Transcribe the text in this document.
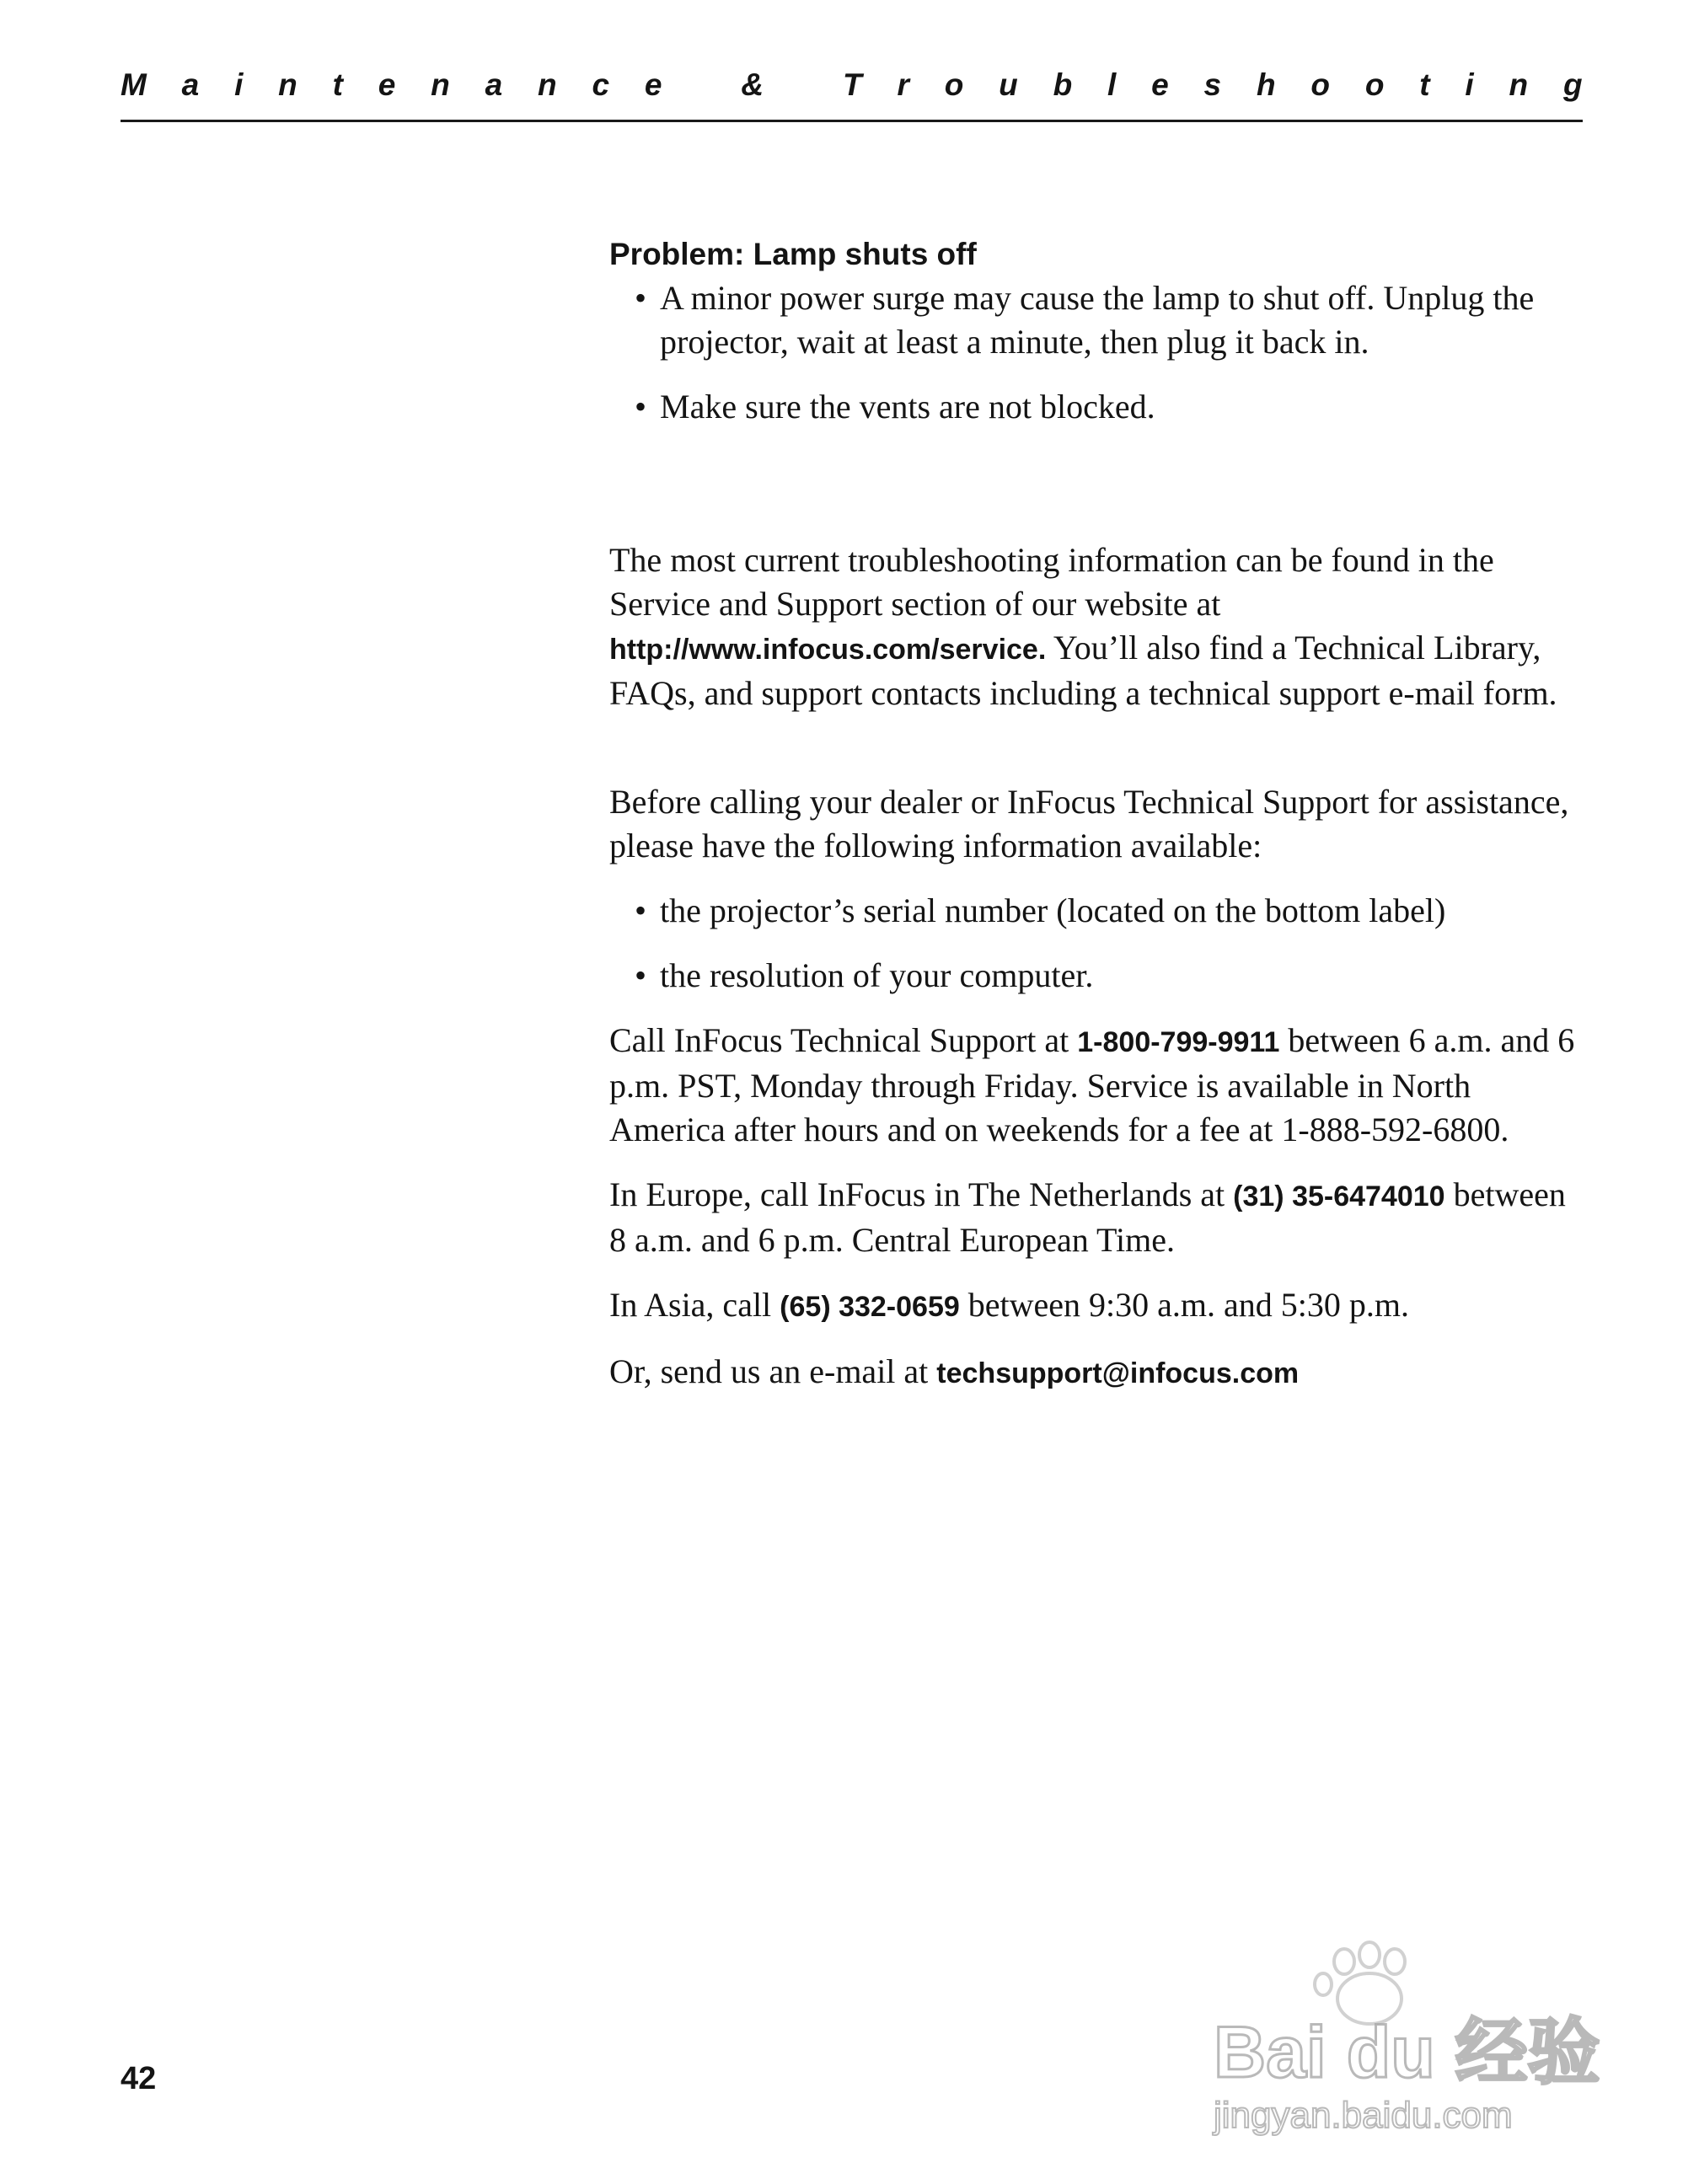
M a i n t e n a n c e
	&
	T r o u b l e s h o o t i n g

Problem: Lamp shuts off

• A minor power surge may cause the lamp to shut off. Unplug the projector, wait at least a minute, then plug it back in.

• Make sure the vents are not blocked.

The most current troubleshooting information can be found in the Service and Support section of our website at http://www.infocus.com/service. You’ll also find a Technical Library, FAQs, and support contacts including a technical support e-mail form.

Before calling your dealer or InFocus Technical Support for assistance, please have the following information available:

• the projector’s serial number (located on the bottom label)

• the resolution of your computer.

Call InFocus Technical Support at 1-800-799-9911 between 6 a.m. and 6 p.m. PST, Monday through Friday. Service is available in North America after hours and on weekends for a fee at 1-888-592-6800.

In Europe, call InFocus in The Netherlands at (31) 35-6474010 between 8 a.m. and 6 p.m. Central European Time.

In Asia, call (65) 332-0659 between 9:30 a.m. and 5:30 p.m.

Or, send us an e-mail at techsupport@infocus.com

42	Bai du 经验
jingyan.baidu.com
